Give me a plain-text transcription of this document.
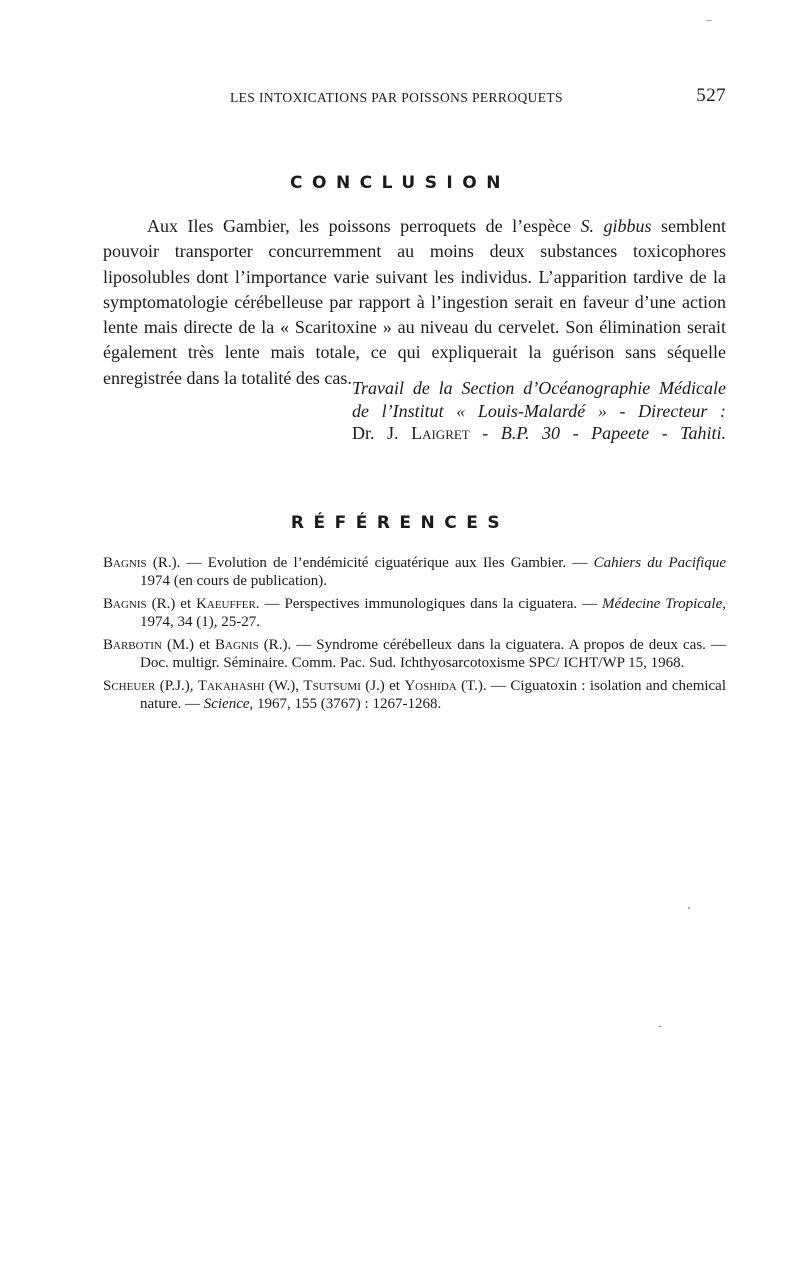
LES INTOXICATIONS PAR POISSONS PERROQUETS	527
CONCLUSION

Aux Iles Gambier, les poissons perroquets de l’espèce S. gibbus semblent pouvoir transporter concurremment au moins deux substances toxicophores liposolubles dont l’importance varie suivant les individus. L’apparition tardive de la symptomatologie cérébelleuse par rapport à l’ingestion serait en faveur d’une action lente mais directe de la « Scaritoxine » au niveau du cervelet. Son élimination serait également très lente mais totale, ce qui expliquerait la guérison sans séquelle enregistrée dans la totalité des cas.

Travail de la Section d’Océanographie Médicale
de l’Institut « Louis-Malardé » - Directeur :
Dr. J. Laigret - B.P. 30 - Papeete - Tahiti.
RÉFÉRENCES
Bagnis (R.). — Evolution de l’endémicité ciguatérique aux Iles Gambier. — Cahiers du Pacifique 1974 (en cours de publication).
Bagnis (R.) et Kaeuffer. — Perspectives immunologiques dans la ciguatera. — Médecine Tropicale, 1974, 34 (1), 25-27.
Barbotin (M.) et Bagnis (R.). — Syndrome cérébelleux dans la ciguatera. A propos de deux cas. — Doc. multigr. Séminaire. Comm. Pac. Sud. Ichthyosarcotoxisme SPC/ ICHT/WP 15, 1968.
Scheuer (P.J.), Takahashi (W.), Tsutsumi (J.) et Yoshida (T.). — Ciguatoxin : isolation and chemical nature. — Science, 1967, 155 (3767) : 1267-1268.
